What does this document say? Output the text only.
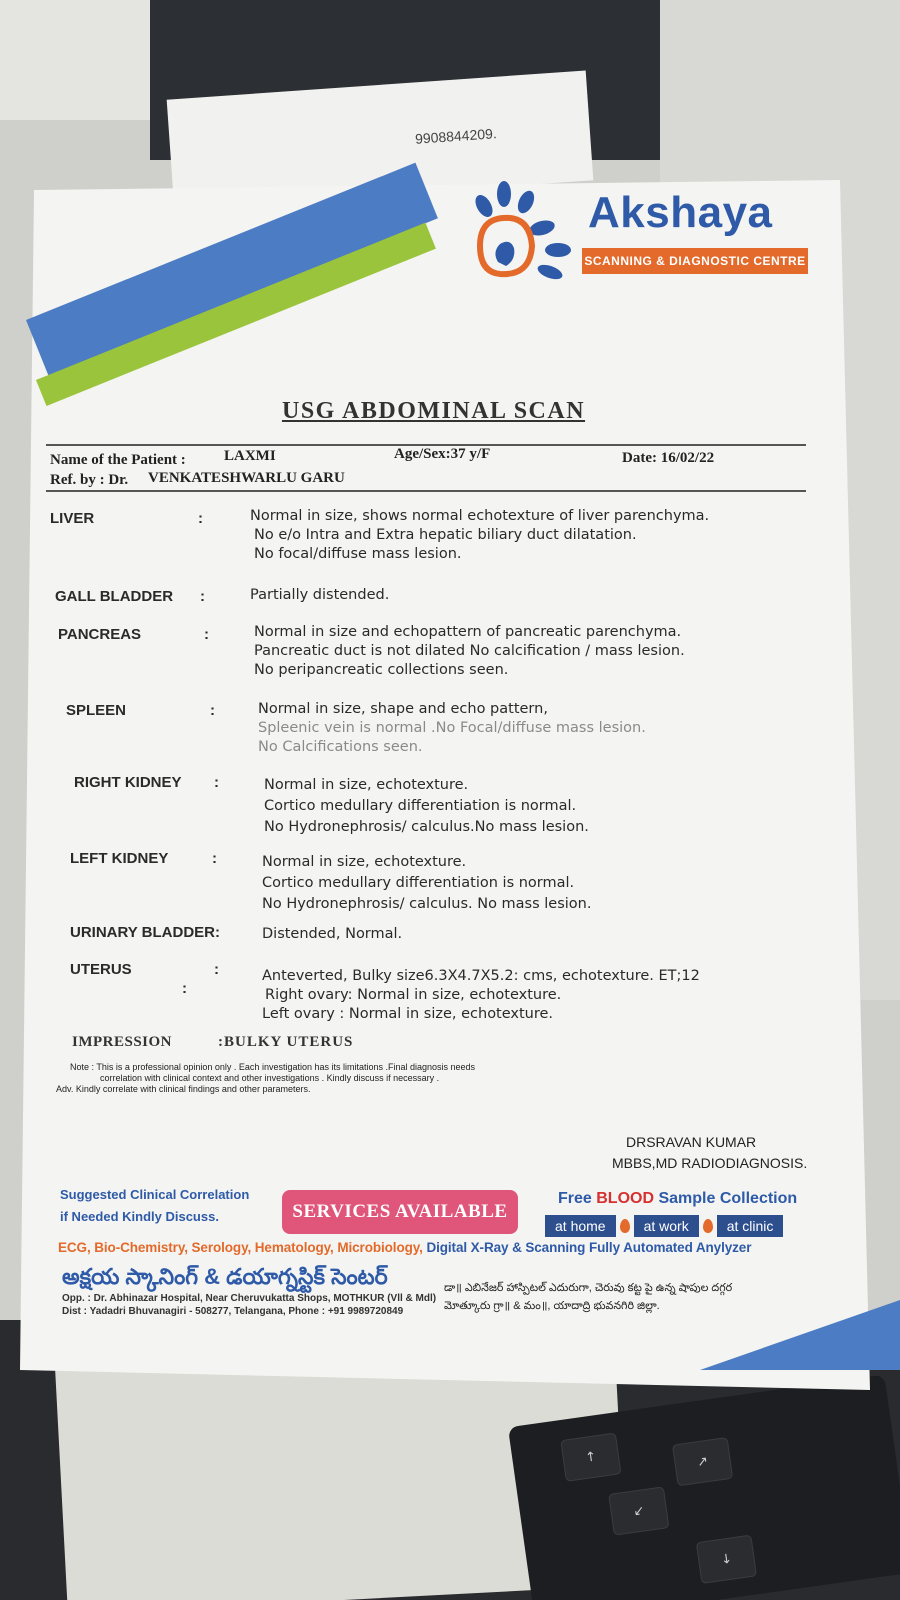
↑	↗
↙
↓
9908844209.
Akshaya
SCANNING & DIAGNOSTIC CENTRE
USG ABDOMINAL SCAN
Name of the Patient :	LAXMI	Age/Sex:37 y/F	Date: 16/02/22
Ref. by : Dr. VENKATESHWARLU GARU
LIVER	:	Normal in size, shows normal echotexture of liver parenchyma.
No e/o Intra and Extra hepatic biliary duct dilatation.
No focal/diffuse mass lesion.
GALL BLADDER :	Partially distended.
PANCREAS	:	Normal in size and echopattern of pancreatic parenchyma.
Pancreatic duct is not dilated No calcification / mass lesion.
No peripancreatic collections seen.
SPLEEN	:	Normal in size, shape and echo pattern,
Spleenic vein is normal .No Focal/diffuse mass lesion.
No Calcifications seen.
RIGHT KIDNEY :	Normal in size, echotexture.
Cortico medullary differentiation is normal.
No Hydronephrosis/ calculus.No mass lesion.
LEFT KIDNEY	:	Normal in size, echotexture.
Cortico medullary differentiation is normal.
No Hydronephrosis/ calculus. No mass lesion.
URINARY BLADDER:	Distended, Normal.
UTERUS	:
:
Anteverted, Bulky size6.3X4.7X5.2: cms, echotexture. ET;12
Right ovary: Normal in size, echotexture.
Left ovary : Normal in size, echotexture.
IMPRESSION	:BULKY UTERUS
Note : This is a professional opinion only . Each investigation has its limitations .Final diagnosis needs
correlation with clinical context and other investigations . Kindly discuss if necessary .
Adv. Kindly correlate with clinical findings and other parameters.
DRSRAVAN KUMAR
MBBS,MD RADIODIAGNOSIS.
Suggested Clinical Correlation
if Needed Kindly Discuss.	SERVICES AVAILABLE
Free BLOOD Sample Collection
at home	at work	at clinic
ECG, Bio-Chemistry, Serology, Hematology, Microbiology, Digital X-Ray & Scanning Fully Automated Anylyzer
అక్షయ స్కానింగ్ & డయాగ్నస్టిక్ సెంటర్	డా॥ ఎబినేజర్ హాస్పిటల్ ఎదురుగా, చెరువు కట్ట పై ఉన్న షాపుల దగ్గర
Opp. : Dr. Abhinazar Hospital, Near Cheruvukatta Shops, MOTHKUR (Vll & Mdl)
Dist : Yadadri Bhuvanagiri - 508277, Telangana, Phone : +91 9989720849	మోత్కూరు గ్రా॥ & మం॥, యాదాద్రి భువనగిరి జిల్లా.
